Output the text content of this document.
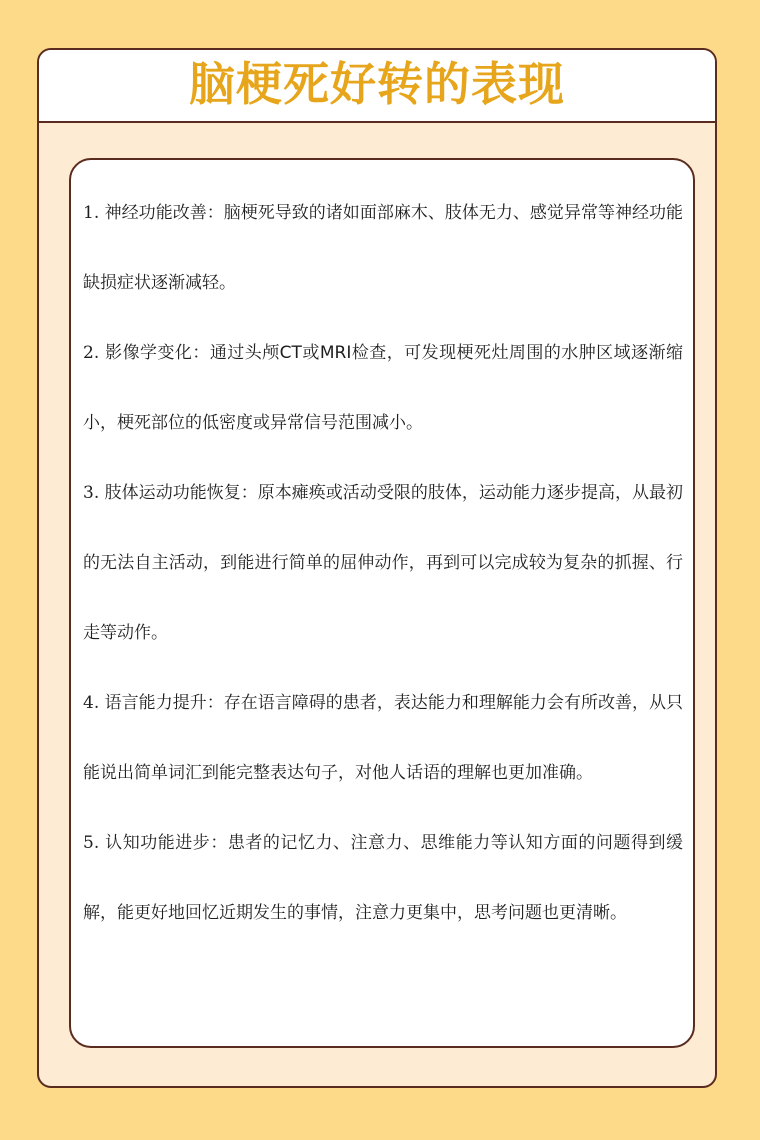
脑梗死好转的表现
1. 神经功能改善：脑梗死导致的诸如面部麻木、肢体无力、感觉异常等神经功能缺损症状逐渐减轻。
2. 影像学变化：通过头颅CT或MRI检查，可发现梗死灶周围的水肿区域逐渐缩小，梗死部位的低密度或异常信号范围减小。
3. 肢体运动功能恢复：原本瘫痪或活动受限的肢体，运动能力逐步提高，从最初的无法自主活动，到能进行简单的屈伸动作，再到可以完成较为复杂的抓握、行走等动作。
4. 语言能力提升：存在语言障碍的患者，表达能力和理解能力会有所改善，从只能说出简单词汇到能完整表达句子，对他人话语的理解也更加准确。
5. 认知功能进步：患者的记忆力、注意力、思维能力等认知方面的问题得到缓解，能更好地回忆近期发生的事情，注意力更集中，思考问题也更清晰。
